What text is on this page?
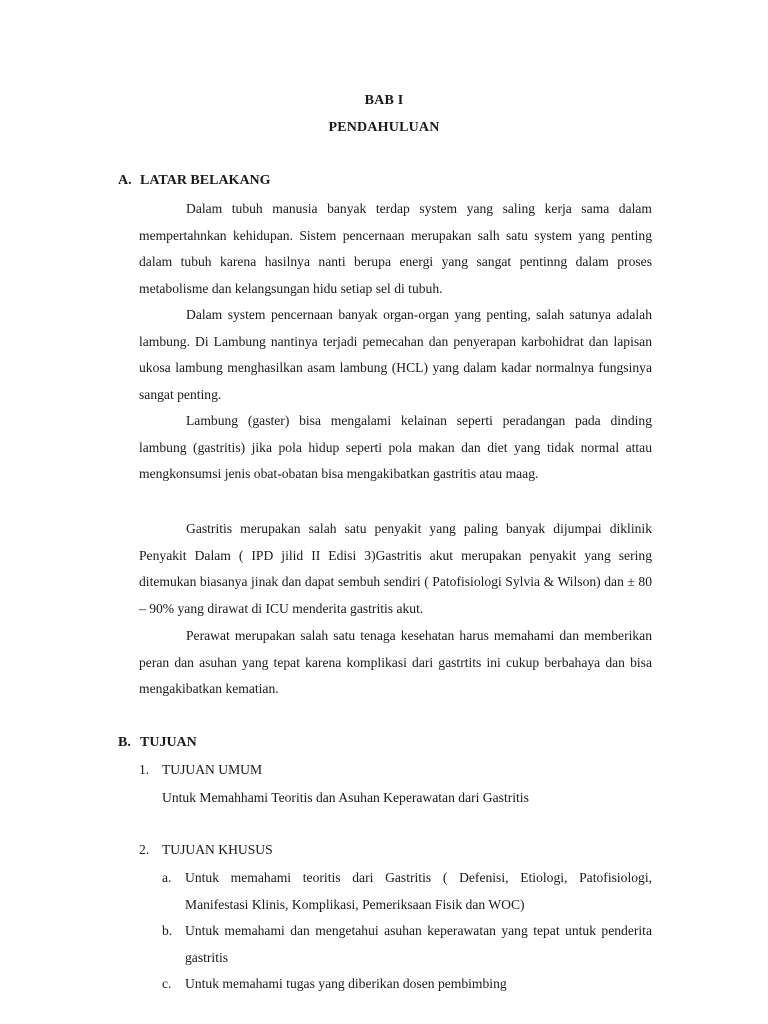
BAB I
PENDAHULUAN
A. LATAR BELAKANG

Dalam tubuh manusia banyak terdap system yang saling kerja sama dalam mempertahnkan kehidupan. Sistem pencernaan merupakan salh satu system yang penting dalam tubuh karena hasilnya nanti berupa energi yang sangat pentinng dalam proses metabolisme dan kelangsungan hidu setiap sel di tubuh.

Dalam system pencernaan banyak organ-organ yang penting, salah satunya adalah lambung. Di Lambung nantinya terjadi pemecahan dan penyerapan karbohidrat dan lapisan ukosa lambung menghasilkan asam lambung (HCL) yang dalam kadar normalnya fungsinya sangat penting.

Lambung (gaster) bisa mengalami kelainan seperti peradangan pada dinding lambung (gastritis) jika pola hidup seperti pola makan dan diet yang tidak normal attau mengkonsumsi jenis obat-obatan bisa mengakibatkan gastritis atau maag.

Gastritis merupakan salah satu penyakit yang paling banyak dijumpai diklinik Penyakit Dalam ( IPD jilid II Edisi 3)Gastritis akut merupakan penyakit yang sering ditemukan biasanya jinak dan dapat sembuh sendiri ( Patofisiologi Sylvia & Wilson) dan ± 80 – 90% yang dirawat di ICU menderita gastritis akut.

Perawat merupakan salah satu tenaga kesehatan harus memahami dan memberikan peran dan asuhan yang tepat karena komplikasi dari gastrtits ini cukup berbahaya dan bisa mengakibatkan kematian.

B. TUJUAN
1. TUJUAN UMUM
Untuk Memahhami Teoritis dan Asuhan Keperawatan dari Gastritis
2. TUJUAN KHUSUS
a. Untuk memahami teoritis dari Gastritis ( Defenisi, Etiologi, Patofisiologi, Manifestasi Klinis, Komplikasi, Pemeriksaan Fisik dan WOC)
b. Untuk memahami dan mengetahui asuhan keperawatan yang tepat untuk penderita gastritis
c. Untuk memahami tugas yang diberikan dosen pembimbing
